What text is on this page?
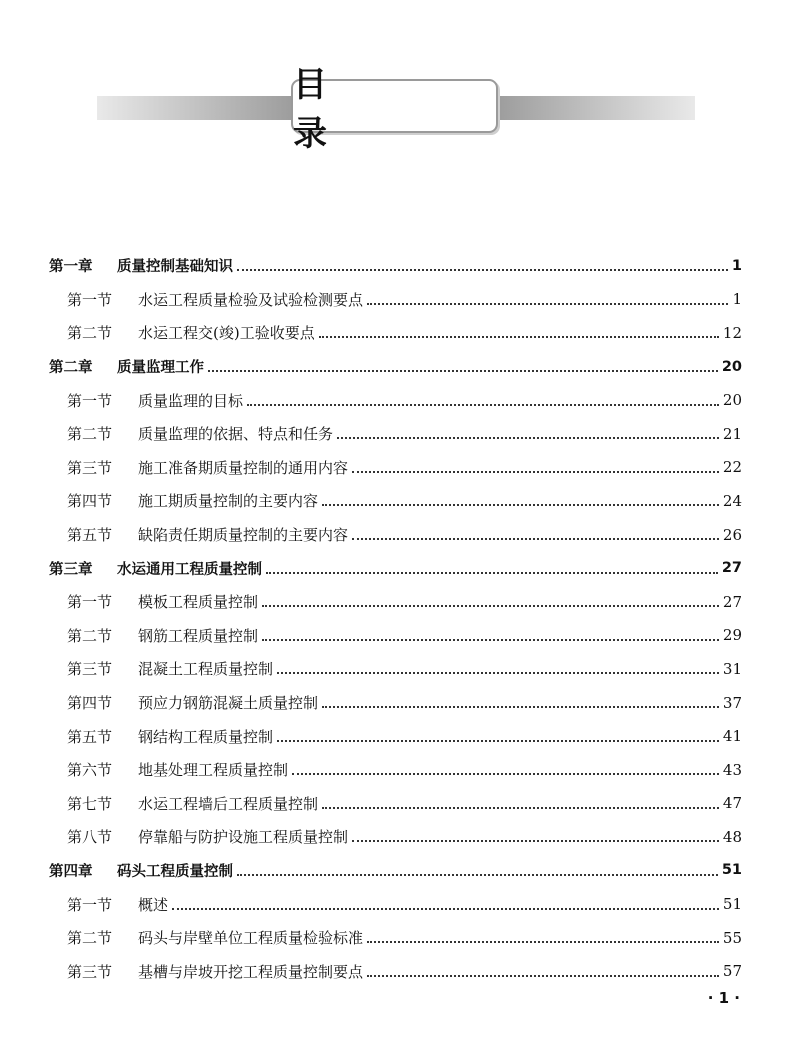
目　录
第一章	质量控制基础知识	1
第一节	水运工程质量检验及试验检测要点	1
第二节	水运工程交(竣)工验收要点	12
第二章	质量监理工作	20
第一节	质量监理的目标	20
第二节	质量监理的依据、特点和任务	21
第三节	施工准备期质量控制的通用内容	22
第四节	施工期质量控制的主要内容	24
第五节	缺陷责任期质量控制的主要内容	26
第三章	水运通用工程质量控制	27
第一节	模板工程质量控制	27
第二节	钢筋工程质量控制	29
第三节	混凝土工程质量控制	31
第四节	预应力钢筋混凝土质量控制	37
第五节	钢结构工程质量控制	41
第六节	地基处理工程质量控制	43
第七节	水运工程墙后工程质量控制	47
第八节	停靠船与防护设施工程质量控制	48
第四章	码头工程质量控制	51
第一节	概述	51
第二节	码头与岸壁单位工程质量检验标准	55
第三节	基槽与岸坡开挖工程质量控制要点	57
· 1 ·
